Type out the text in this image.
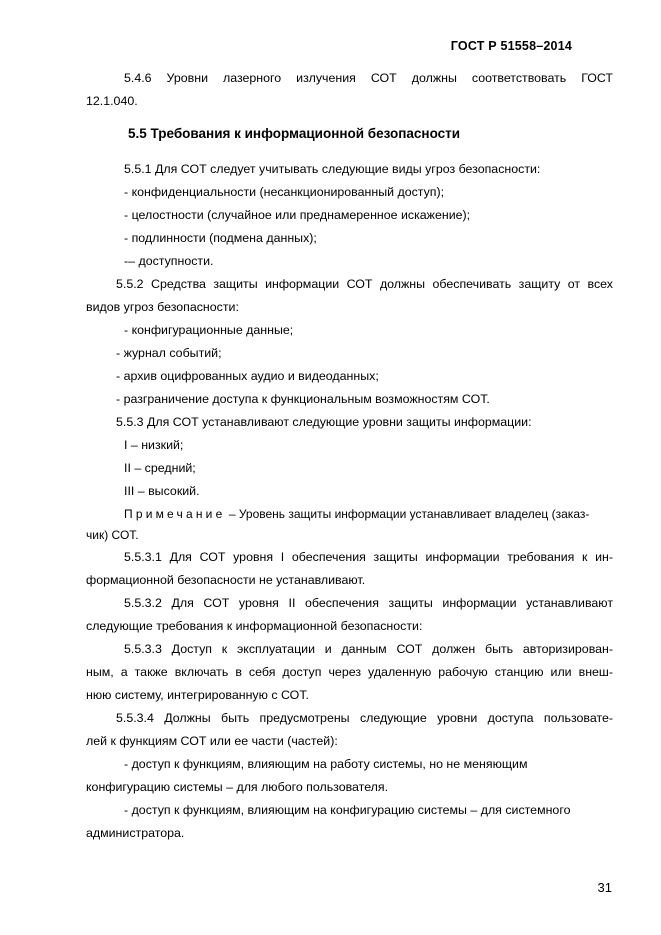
ГОСТ Р 51558–2014
5.4.6 Уровни лазерного излучения СОТ должны соответствовать ГОСТ
12.1.040.
5.5 Требования к информационной безопасности
5.5.1 Для СОТ следует учитывать следующие виды угроз безопасности:
- конфиденциальности (несанкционированный доступ);
- целостности (случайное или преднамеренное искажение);
- подлинности (подмена данных);
-– доступности.
5.5.2 Средства защиты информации СОТ должны обеспечивать защиту от всех
видов угроз безопасности:
- конфигурационные данные;
- журнал событий;
- архив оцифрованных аудио и видеоданных;
- разграничение доступа к функциональным возможностям СОТ.
5.5.3 Для СОТ устанавливают следующие уровни защиты информации:
I – низкий;
II – средний;
III – высокий.
Примечание – Уровень защиты информации устанавливает владелец (заказ-
чик) СОТ.
5.5.3.1 Для СОТ уровня I обеспечения защиты информации требования к ин-
формационной безопасности не устанавливают.
5.5.3.2 Для СОТ уровня II обеспечения защиты информации устанавливают
следующие требования к информационной безопасности:
5.5.3.3 Доступ к эксплуатации и данным СОТ должен быть авторизирован-
ным, а также включать в себя доступ через удаленную рабочую станцию или внеш-
нюю систему, интегрированную с СОТ.
5.5.3.4 Должны быть предусмотрены следующие уровни доступа пользовате-
лей к функциям СОТ или ее части (частей):
- доступ к функциям, влияющим на работу системы, но не меняющим
конфигурацию системы – для любого пользователя.
- доступ к функциям, влияющим на конфигурацию системы – для системного
администратора.
31
